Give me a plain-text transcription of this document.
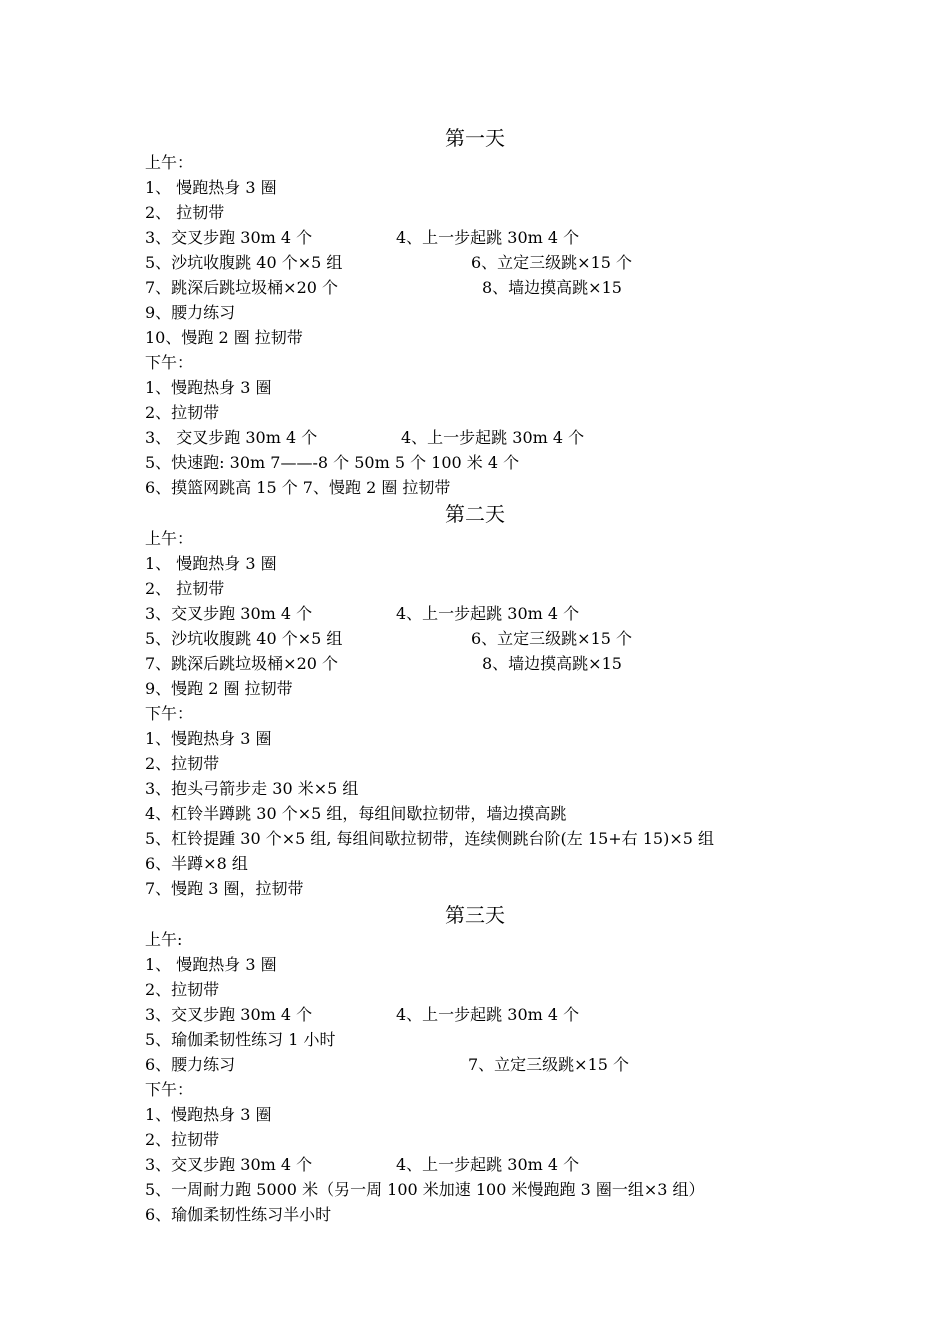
第一天
上午：
1、 慢跑热身 3 圈
2、 拉韧带
3、交叉步跑 30m 4 个	4、上一步起跳 30m 4 个
5、沙坑收腹跳 40 个×5 组	6、立定三级跳×15 个
7、跳深后跳垃圾桶×20 个	8、墙边摸高跳×15
9、腰力练习
10、慢跑 2 圈 拉韧带
下午：
1、慢跑热身 3 圈
2、拉韧带
3、 交叉步跑 30m 4 个	4、上一步起跳 30m 4 个
5、快速跑: 30m 7——-8 个 50m 5 个 100 米 4 个
6、摸篮网跳高 15 个 7、慢跑 2 圈 拉韧带
第二天
上午：
1、 慢跑热身 3 圈
2、 拉韧带
3、交叉步跑 30m 4 个	4、上一步起跳 30m 4 个
5、沙坑收腹跳 40 个×5 组	6、立定三级跳×15 个
7、跳深后跳垃圾桶×20 个	8、墙边摸高跳×15
9、慢跑 2 圈 拉韧带
下午：
1、慢跑热身 3 圈
2、拉韧带
3、抱头弓箭步走 30 米×5 组
4、杠铃半蹲跳 30 个×5 组，每组间歇拉韧带，墙边摸高跳
5、杠铃提踵 30 个×5 组, 每组间歇拉韧带，连续侧跳台阶(左 15+右 15)×5 组
6、半蹲×8 组
7、慢跑 3 圈，拉韧带
第三天
上午:
1、 慢跑热身 3 圈
2、拉韧带
3、交叉步跑 30m 4 个	4、上一步起跳 30m 4 个
5、瑜伽柔韧性练习 1 小时
6、腰力练习	7、立定三级跳×15 个
下午：
1、慢跑热身 3 圈
2、拉韧带
3、交叉步跑 30m 4 个	4、上一步起跳 30m 4 个
5、一周耐力跑 5000 米（另一周 100 米加速 100 米慢跑跑 3 圈一组×3 组）
6、瑜伽柔韧性练习半小时
